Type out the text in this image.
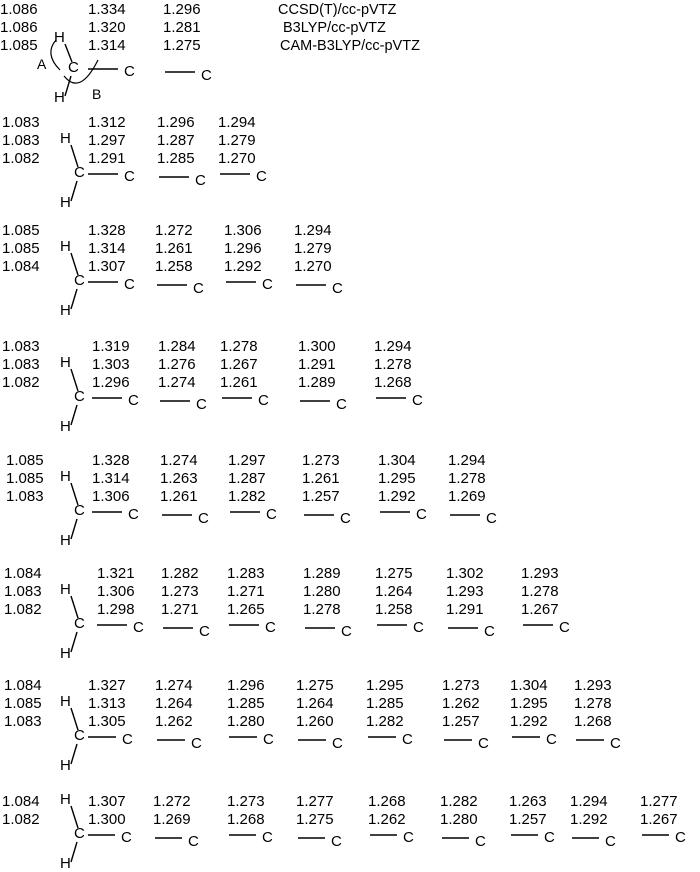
CCSD(T)/cc-pVTZ
B3LYP/cc-pVTZ
CAM-B3LYP/cc-pVTZ
A
B
1.086
1.086
1.085
C
H
H
1.334
1.320
1.314
C
1.296
1.281
1.275
C
1.083
1.083
1.082
C
H
H
1.312
1.297
1.291
C
1.296
1.287
1.285
C
1.294
1.279
1.270
C
1.085
1.085
1.084
C
H
H
1.328
1.314
1.307
C
1.272
1.261
1.258
C
1.306
1.296
1.292
C
1.294
1.279
1.270
C
1.083
1.083
1.082
C
H
H
1.319
1.303
1.296
C
1.284
1.276
1.274
C
1.278
1.267
1.261
C
1.300
1.291
1.289
C
1.294
1.278
1.268
C
1.085
1.085
1.083
C
H
H
1.328
1.314
1.306
C
1.274
1.263
1.261
C
1.297
1.287
1.282
C
1.273
1.261
1.257
C
1.304
1.295
1.292
C
1.294
1.278
1.269
C
1.084
1.083
1.082
C
H
H
1.321
1.306
1.298
C
1.282
1.273
1.271
C
1.283
1.271
1.265
C
1.289
1.280
1.278
C
1.275
1.264
1.258
C
1.302
1.293
1.291
C
1.293
1.278
1.267
C
1.084
1.085
1.083
C
H
H
1.327
1.313
1.305
C
1.274
1.264
1.262
C
1.296
1.285
1.280
C
1.275
1.264
1.260
C
1.295
1.285
1.282
C
1.273
1.262
1.257
C
1.304
1.295
1.292
C
1.293
1.278
1.268
C
1.084
1.082
C
H
H
1.307
1.300
C
1.272
1.269
C
1.273
1.268
C
1.277
1.275
C
1.268
1.262
C
1.282
1.280
C
1.263
1.257
C
1.294
1.292
C
1.277
1.267
C
